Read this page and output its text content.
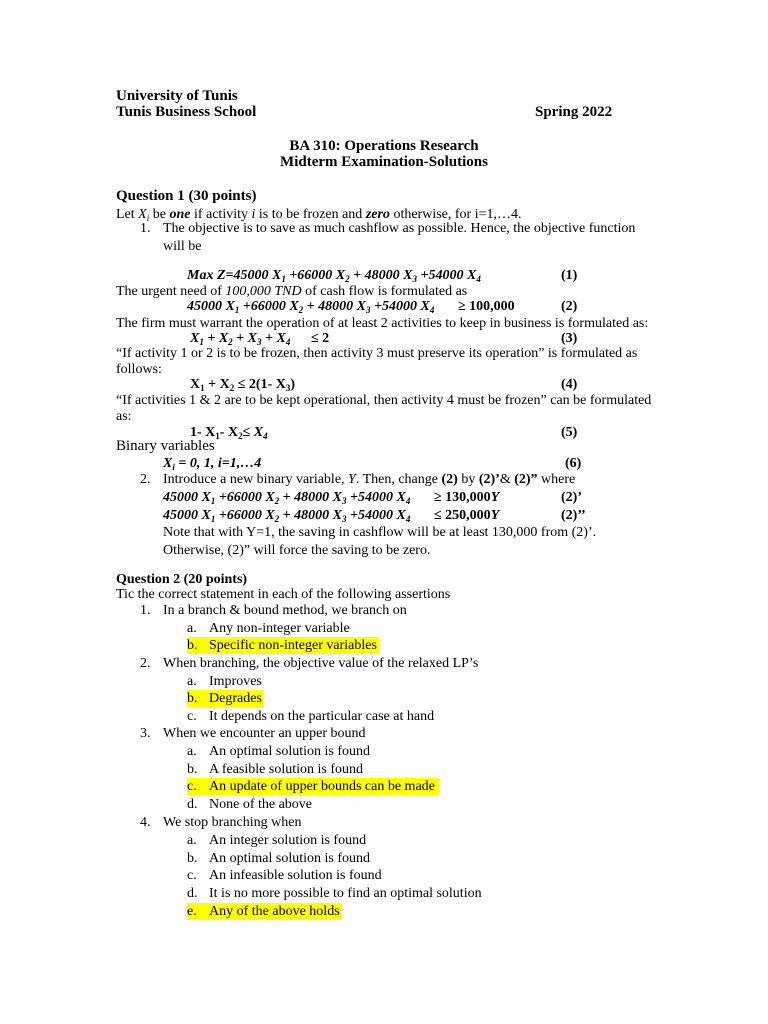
University of Tunis
Tunis Business School	Spring 2022
BA 310: Operations Research
Midterm Examination-Solutions
Question 1 (30 points)
Let $X_i$ be one if activity i is to be frozen and zero otherwise, for i=1,…4.
1. The objective is to save as much cashflow as possible. Hence, the objective function
will be
Max Z=45000 $X_1 +66000$ $X_2 + 48000$ $X_3 +54000$ $X_4$	(1)
The urgent need of 100,000 TND of cash flow is formulated as
45000 $X_1 +66000$ $X_2 + 48000$ $X_3 +54000$ $X_4 \ge 100,000$	(2)
The firm must warrant the operation of at least 2 activities to keep in business is formulated as:
$X_1 + X_2 + X_3 + X_4 \le 2$	(3)
“If activity 1 or 2 is to be frozen, then activity 3 must preserve its operation” is formulated as
follows:
$X_1 + X_2 \le 2(1-$ $X_3$)	(4)
“If activities 1 & 2 are to be kept operational, then activity 4 must be frozen” can be formulated
as:
1- $X_1-$ $X_2\le X_4$	(5)
Binary variables
$X_i = 0$, 1, i=1,…4	(6)
2. Introduce a new binary variable, Y. Then, change (2) by (2)’& (2)” where
45000 $X_1 +66000$ $X_2 + 48000$ $X_3 +54000$ $X_4 \ge 130,000Y$	(2)’
45000 $X_1 +66000$ $X_2 + 48000$ $X_3 +54000$ $X_4 \le 250,000Y$	(2)’’
Note that with Y=1, the saving in cashflow will be at least 130,000 from (2)’.
Otherwise, (2)” will force the saving to be zero.
Question 2 (20 points)
Tic the correct statement in each of the following assertions
1. In a branch & bound method, we branch on
a. Any non-integer variable
b. Specific non-integer variables
2. When branching, the objective value of the relaxed LP’s
a. Improves
b. Degrades
c. It depends on the particular case at hand
3. When we encounter an upper bound
a. An optimal solution is found
b. A feasible solution is found
c. An update of upper bounds can be made
d. None of the above
4. We stop branching when
a. An integer solution is found
b. An optimal solution is found
c. An infeasible solution is found
d. It is no more possible to find an optimal solution
e. Any of the above holds
